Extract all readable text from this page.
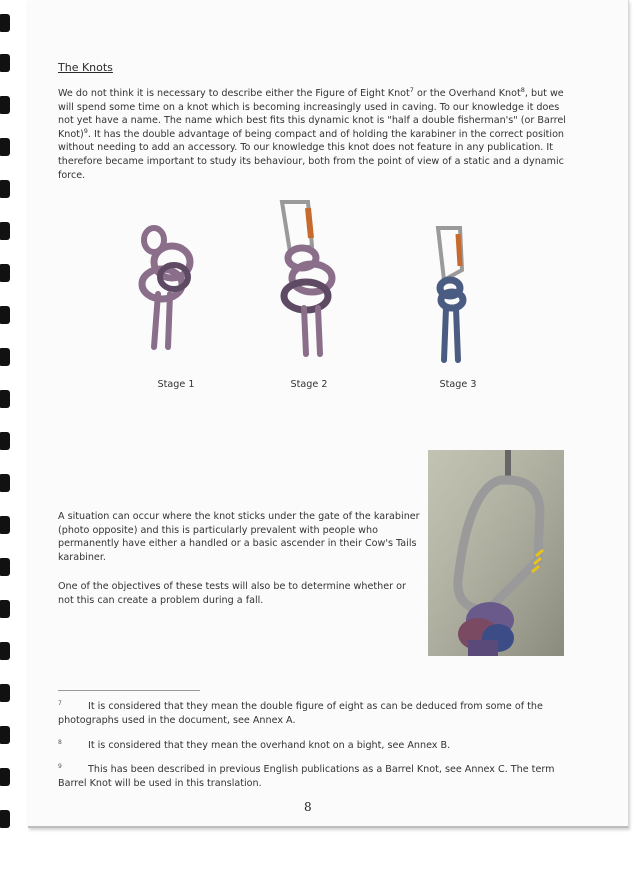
The Knots

We do not think it is necessary to describe either the Figure of Eight Knot$^7$ or the Overhand Knot$^8$, but we will spend some time on a knot which is becoming increasingly used in caving. To our knowledge it does not yet have a name. The name which best fits this dynamic knot is "half a double fisherman's" (or Barrel Knot)$^9$. It has the double advantage of being compact and of holding the karabiner in the correct position without needing to add an accessory. To our knowledge this knot does not feature in any publication. It therefore became important to study its behaviour, both from the point of view of a static and a dynamic force.

Stage 1	Stage 2	Stage 3

A situation can occur where the knot sticks under the gate of the karabiner (photo opposite) and this is particularly prevalent with people who permanently have either a handled or a basic ascender in their Cow's Tails karabiner.

One of the objectives of these tests will also be to determine whether or not this can create a problem during a fall.

7	It is considered that they mean the double figure of eight as can be deduced from some of the photographs used in the document, see Annex A.

8	It is considered that they mean the overhand knot on a bight, see Annex B.

9	This has been described in previous English publications as a Barrel Knot, see Annex C. The term Barrel Knot will be used in this translation.

8
